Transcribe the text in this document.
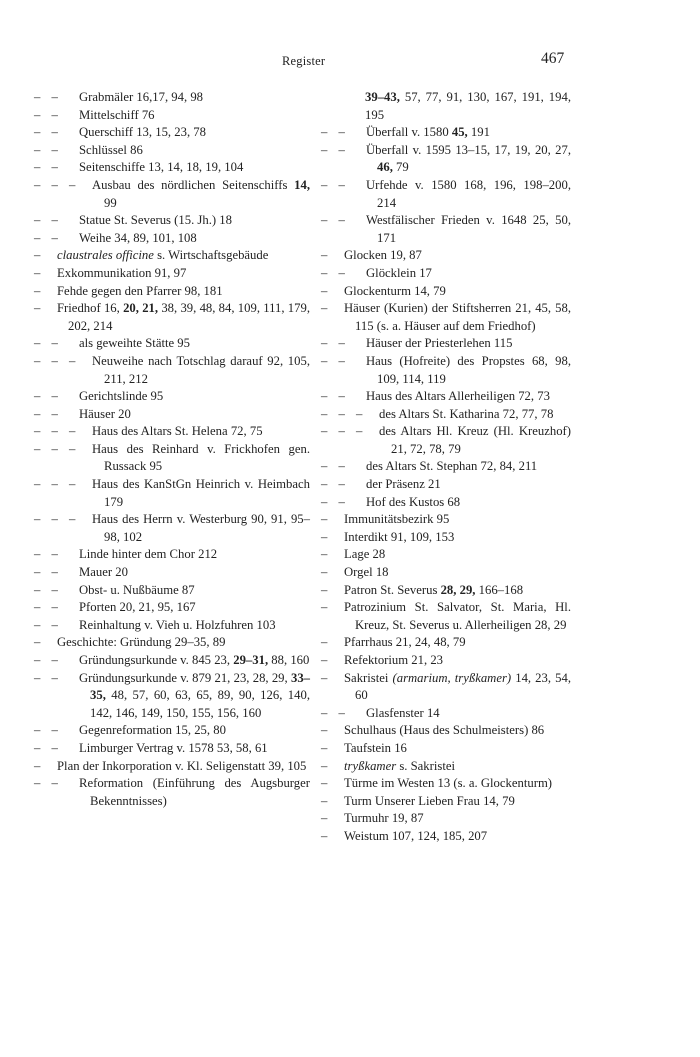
Register	467
– – Grabmäler 16,17, 94, 98
– – Mittelschiff 76
– – Querschiff 13, 15, 23, 78
– – Schlüssel 86
– – Seitenschiffe 13, 14, 18, 19, 104
– – – Ausbau des nördlichen Seitenschiffs 14, 99
– – Statue St. Severus (15. Jh.) 18
– – Weihe 34, 89, 101, 108
– claustrales officine s. Wirtschaftsgebäude
– Exkommunikation 91, 97
– Fehde gegen den Pfarrer 98, 181
– Friedhof 16, 20, 21, 38, 39, 48, 84, 109, 111, 179, 202, 214
– – als geweihte Stätte 95
– – – Neuweihe nach Totschlag darauf 92, 105, 211, 212
– – Gerichtslinde 95
– – Häuser 20
– – – Haus des Altars St. Helena 72, 75
– – – Haus des Reinhard v. Frickhofen gen. Russack 95
– – – Haus des KanStGn Heinrich v. Heimbach 179
– – – Haus des Herrn v. Westerburg 90, 91, 95–98, 102
– – Linde hinter dem Chor 212
– – Mauer 20
– – Obst- u. Nußbäume 87
– – Pforten 20, 21, 95, 167
– – Reinhaltung v. Vieh u. Holzfuhren 103
– Geschichte: Gründung 29–35, 89
– – Gründungsurkunde v. 845 23, 29–31, 88, 160
– – Gründungsurkunde v. 879 21, 23, 28, 29, 33–35, 48, 57, 60, 63, 65, 89, 90, 126, 140, 142, 146, 149, 150, 155, 156, 160
– – Gegenreformation 15, 25, 80
– – Limburger Vertrag v. 1578 53, 58, 61
– Plan der Inkorporation v. Kl. Seligenstatt 39, 105
– – Reformation (Einführung des Augsburger Bekenntnisses)
39–43, 57, 77, 91, 130, 167, 191, 194, 195
– – Überfall v. 1580 45, 191
– – Überfall v. 1595 13–15, 17, 19, 20, 27, 46, 79
– – Urfehde v. 1580 168, 196, 198–200, 214
– – Westfälischer Frieden v. 1648 25, 50, 171
– Glocken 19, 87
– – Glöcklein 17
– Glockenturm 14, 79
– Häuser (Kurien) der Stiftsherren 21, 45, 58, 115 (s. a. Häuser auf dem Friedhof)
– – Häuser der Priesterlehen 115
– – Haus (Hofreite) des Propstes 68, 98, 109, 114, 119
– – Haus des Altars Allerheiligen 72, 73
– – – des Altars St. Katharina 72, 77, 78
– – – des Altars Hl. Kreuz (Hl. Kreuzhof) 21, 72, 78, 79
– – des Altars St. Stephan 72, 84, 211
– – der Präsenz 21
– – Hof des Kustos 68
– Immunitätsbezirk 95
– Interdikt 91, 109, 153
– Lage 28
– Orgel 18
– Patron St. Severus 28, 29, 166–168
– Patrozinium St. Salvator, St. Maria, Hl. Kreuz, St. Severus u. Allerheiligen 28, 29
– Pfarrhaus 21, 24, 48, 79
– Refektorium 21, 23
– Sakristei (armarium, tryßkamer) 14, 23, 54, 60
– – Glasfenster 14
– Schulhaus (Haus des Schulmeisters) 86
– Taufstein 16
– tryßkamer s. Sakristei
– Türme im Westen 13 (s. a. Glockenturm)
– Turm Unserer Lieben Frau 14, 79
– Turmuhr 19, 87
– Weistum 107, 124, 185, 207
